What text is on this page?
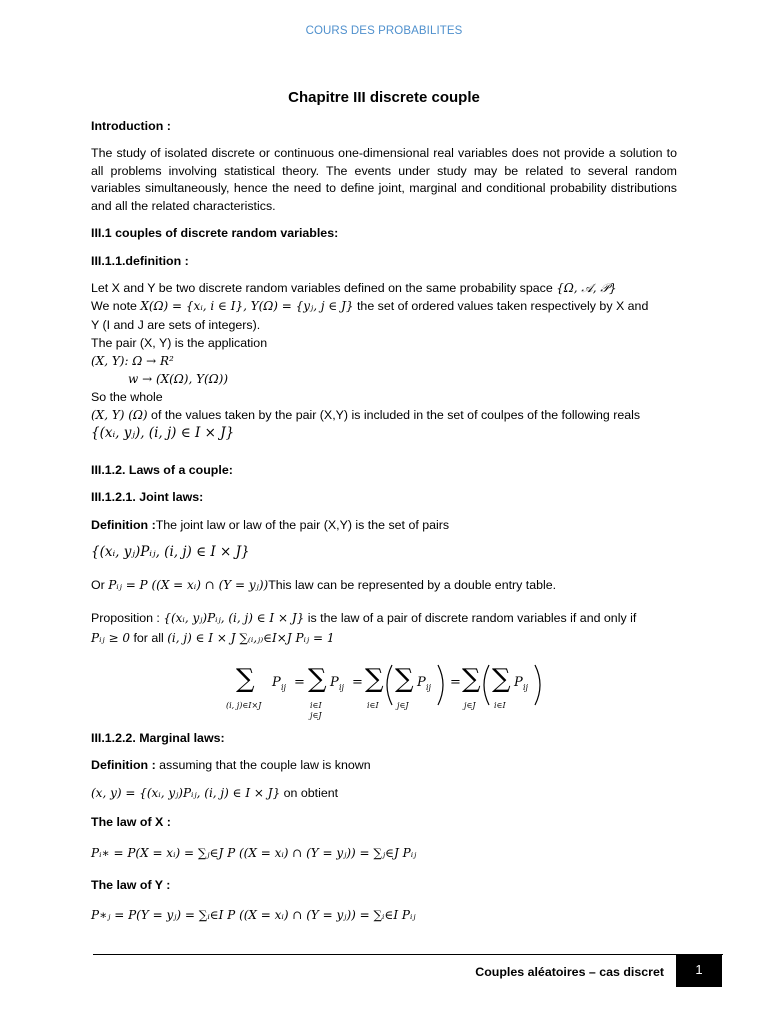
COURS DES PROBABILITES
Chapitre III discrete couple
Introduction :
The study of isolated discrete or continuous one-dimensional real variables does not provide a solution to all problems involving statistical theory. The events under study may be related to several random variables simultaneously, hence the need to define joint, marginal and conditional probability distributions and all the related characteristics.
III.1 couples of discrete random variables:
III.1.1.definition :
Let X and Y be two discrete random variables defined on the same probability space {Ω, 𝒜, 𝒫}
We note X(Ω) = {xᵢ, i ∈ I}, Y(Ω) = {yⱼ, j ∈ J} the set of ordered values taken respectively by X and
Y (I and J are sets of integers).
The pair (X, Y) is the application
(X, Y): Ω → R²
w → (X(Ω), Y(Ω))
So the whole
(X, Y) (Ω) of the values taken by the pair (X,Y) is included in the set of coulpes of the following reals
{(xᵢ, yⱼ), (i, j) ∈ I × J}
III.1.2. Laws of a couple:
III.1.2.1. Joint laws:
Definition :The joint law or law of the pair (X,Y) is the set of pairs
{(xᵢ, yⱼ)Pᵢⱼ, (i, j) ∈ I × J}
Or Pᵢⱼ = P ((X = xᵢ) ∩ (Y = yⱼ))This law can be represented by a double entry table.
Proposition : {(xᵢ, yⱼ)Pᵢⱼ, (i, j) ∈ I × J} is the law of a pair of discrete random variables if and only if
Pᵢⱼ ≥ 0 for all (i, j) ∈ I × J ∑₍ᵢ,ⱼ₎∈I×J Pᵢⱼ = 1
∑
(i, j)∈I×J
P ij = ∑
i∈I
j∈J
P ij = ∑
i∈I
∑
j∈J
P ij = ∑
j∈J
∑
i∈I
P ij
III.1.2.2. Marginal laws:
Definition : assuming that the couple law is known
(x, y) = {(xᵢ, yⱼ)Pᵢⱼ, (i, j) ∈ I × J} on obtient
The law of X :
Pᵢ∗ = P(X = xᵢ) = ∑ⱼ∈J P ((X = xᵢ) ∩ (Y = yⱼ)) = ∑ⱼ∈J Pᵢⱼ
The law of Y :
P∗ⱼ = P(Y = yⱼ) = ∑ᵢ∈I P ((X = xᵢ) ∩ (Y = yⱼ)) = ∑ᵢ∈I Pᵢⱼ
Couples aléatoires – cas discret	1
